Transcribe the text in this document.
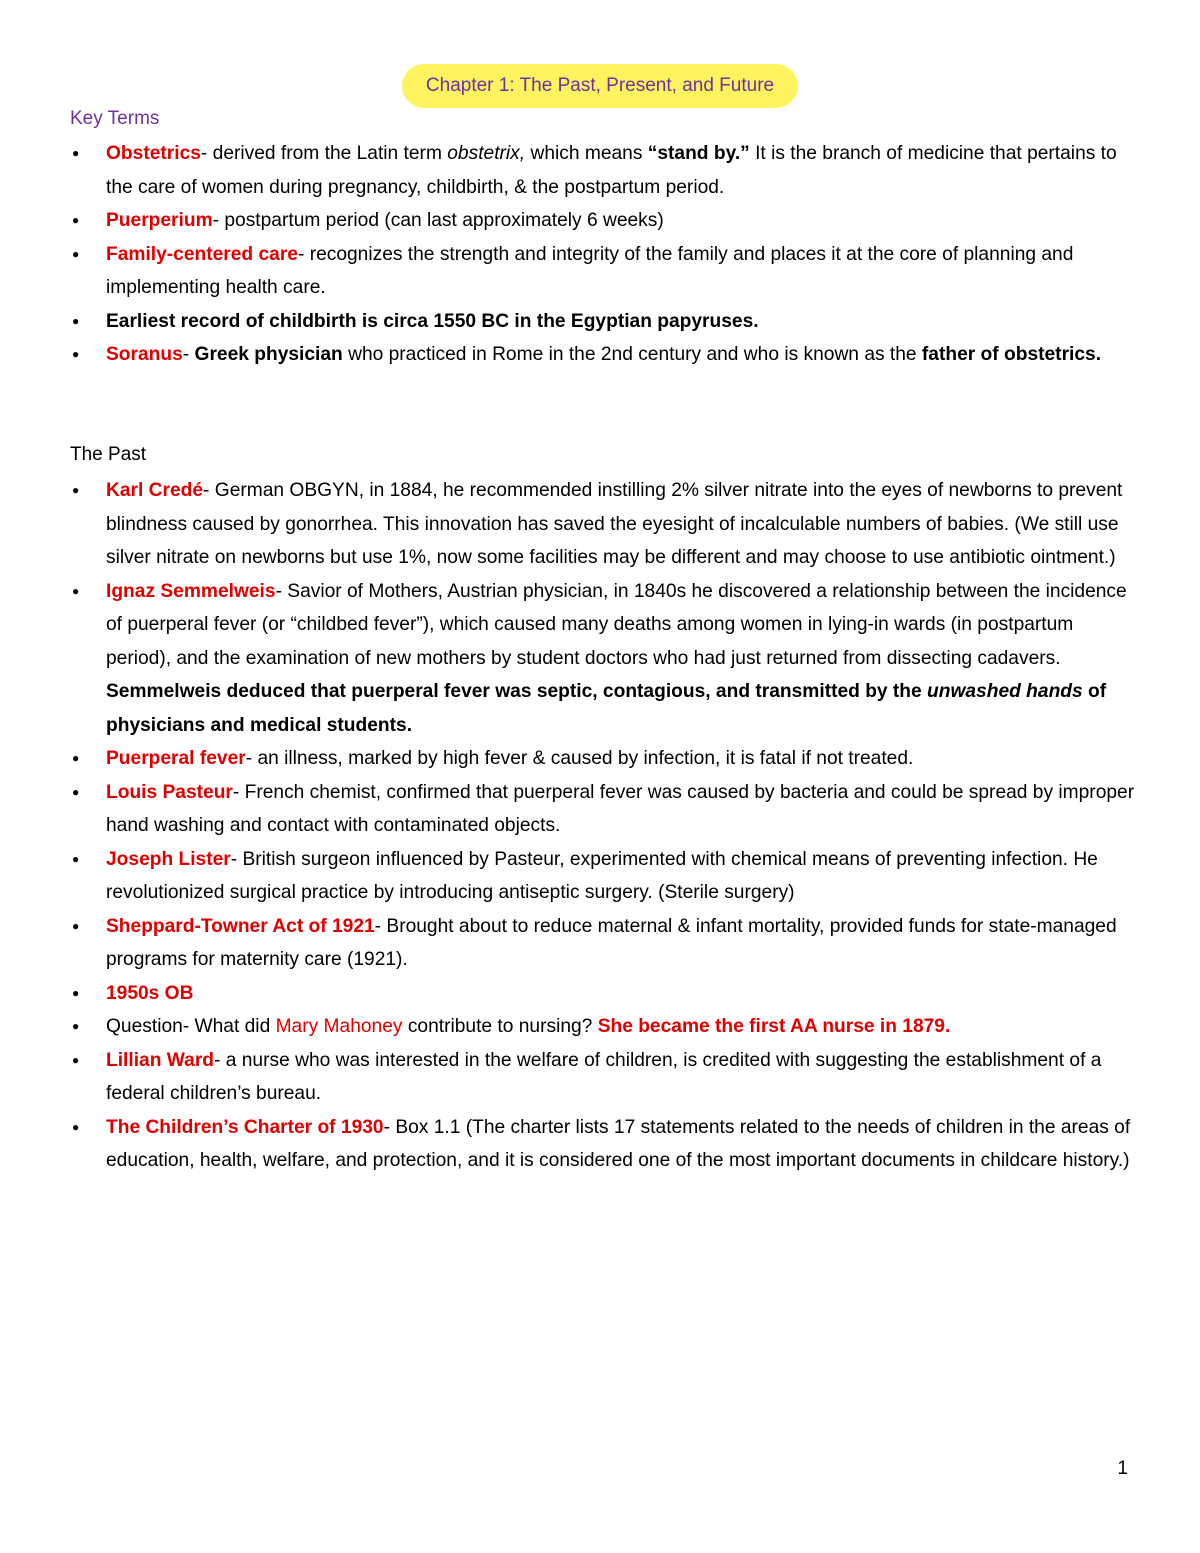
Chapter 1: The Past, Present, and Future
Key Terms
● Obstetrics- derived from the Latin term obstetrix, which means “stand by.” It is the branch of medicine that pertains to the care of women during pregnancy, childbirth, & the postpartum period.
● Puerperium- postpartum period (can last approximately 6 weeks)
● Family-centered care- recognizes the strength and integrity of the family and places it at the core of planning and implementing health care.
● Earliest record of childbirth is circa 1550 BC in the Egyptian papyruses.
● Soranus- Greek physician who practiced in Rome in the 2nd century and who is known as the father of obstetrics.
The Past
● Karl Credé- German OBGYN, in 1884, he recommended instilling 2% silver nitrate into the eyes of newborns to prevent blindness caused by gonorrhea. This innovation has saved the eyesight of incalculable numbers of babies. (We still use silver nitrate on newborns but use 1%, now some facilities may be different and may choose to use antibiotic ointment.)
● Ignaz Semmelweis- Savior of Mothers, Austrian physician, in 1840s he discovered a relationship between the incidence of puerperal fever (or “childbed fever”), which caused many deaths among women in lying-in wards (in postpartum period), and the examination of new mothers by student doctors who had just returned from dissecting cadavers. Semmelweis deduced that puerperal fever was septic, contagious, and transmitted by the unwashed hands of physicians and medical students.
● Puerperal fever- an illness, marked by high fever & caused by infection, it is fatal if not treated.
● Louis Pasteur- French chemist, confirmed that puerperal fever was caused by bacteria and could be spread by improper hand washing and contact with contaminated objects.
● Joseph Lister- British surgeon influenced by Pasteur, experimented with chemical means of preventing infection. He revolutionized surgical practice by introducing antiseptic surgery. (Sterile surgery)
● Sheppard-Towner Act of 1921- Brought about to reduce maternal & infant mortality, provided funds for state-managed programs for maternity care (1921).
● 1950s OB
● Question- What did Mary Mahoney contribute to nursing? She became the first AA nurse in 1879.
● Lillian Ward- a nurse who was interested in the welfare of children, is credited with suggesting the establishment of a federal children’s bureau.
● The Children’s Charter of 1930- Box 1.1 (The charter lists 17 statements related to the needs of children in the areas of education, health, welfare, and protection, and it is considered one of the most important documents in childcare history.)
1
